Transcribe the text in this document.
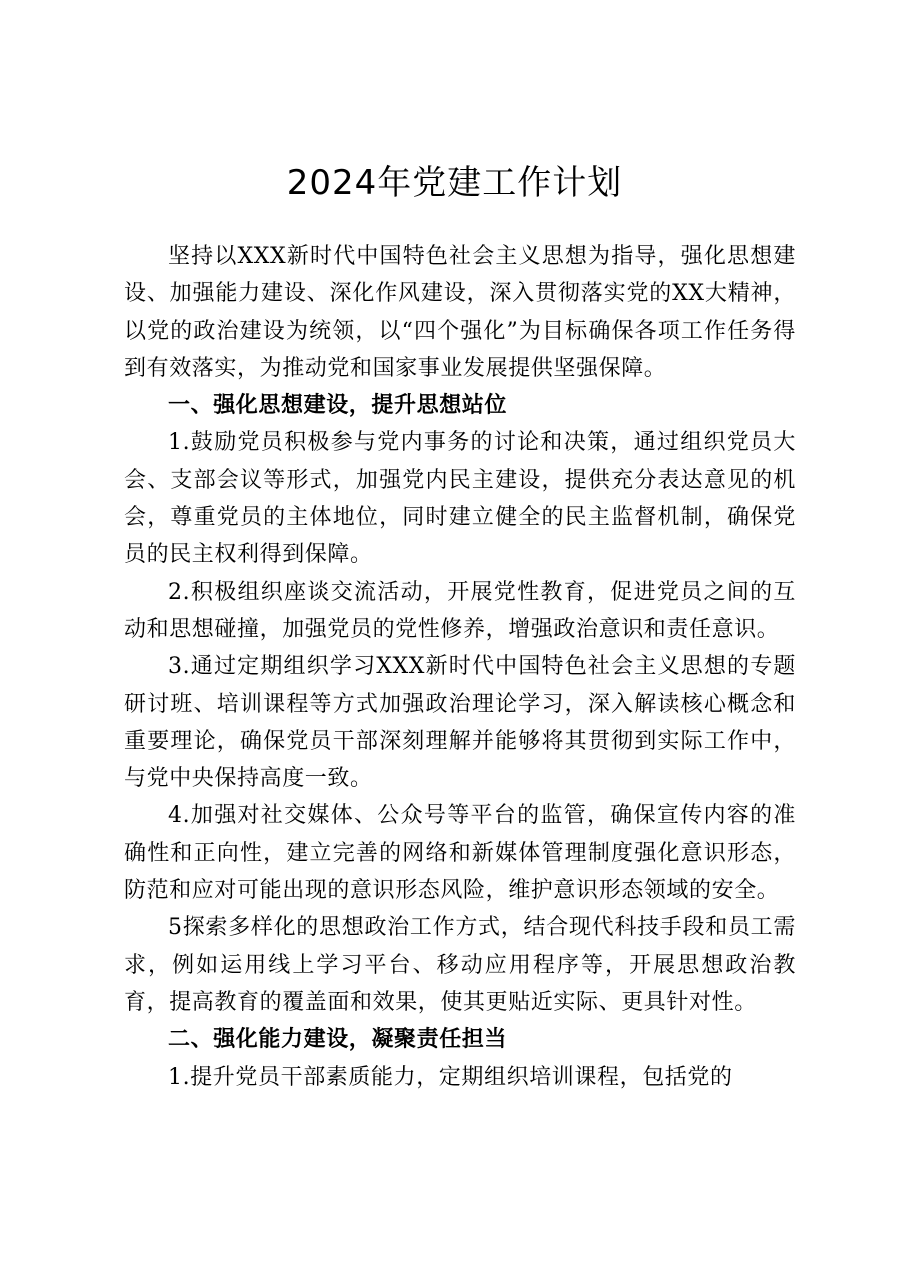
2024年党建工作计划

坚持以XXX新时代中国特色社会主义思想为指导，强化思想建设、加强能力建设、深化作风建设，深入贯彻落实党的XX大精神，以党的政治建设为统领，以“四个强化”为目标确保各项工作任务得到有效落实，为推动党和国家事业发展提供坚强保障。

一、强化思想建设，提升思想站位

1.鼓励党员积极参与党内事务的讨论和决策，通过组织党员大会、支部会议等形式，加强党内民主建设，提供充分表达意见的机会，尊重党员的主体地位，同时建立健全的民主监督机制，确保党员的民主权利得到保障。

2.积极组织座谈交流活动，开展党性教育，促进党员之间的互动和思想碰撞，加强党员的党性修养，增强政治意识和责任意识。

3.通过定期组织学习XXX新时代中国特色社会主义思想的专题研讨班、培训课程等方式加强政治理论学习，深入解读核心概念和重要理论，确保党员干部深刻理解并能够将其贯彻到实际工作中，与党中央保持高度一致。

4.加强对社交媒体、公众号等平台的监管，确保宣传内容的准确性和正向性，建立完善的网络和新媒体管理制度强化意识形态，防范和应对可能出现的意识形态风险，维护意识形态领域的安全。

5探索多样化的思想政治工作方式，结合现代科技手段和员工需求，例如运用线上学习平台、移动应用程序等，开展思想政治教育，提高教育的覆盖面和效果，使其更贴近实际、更具针对性。

二、强化能力建设，凝聚责任担当

1.提升党员干部素质能力，定期组织培训课程，包括党的
